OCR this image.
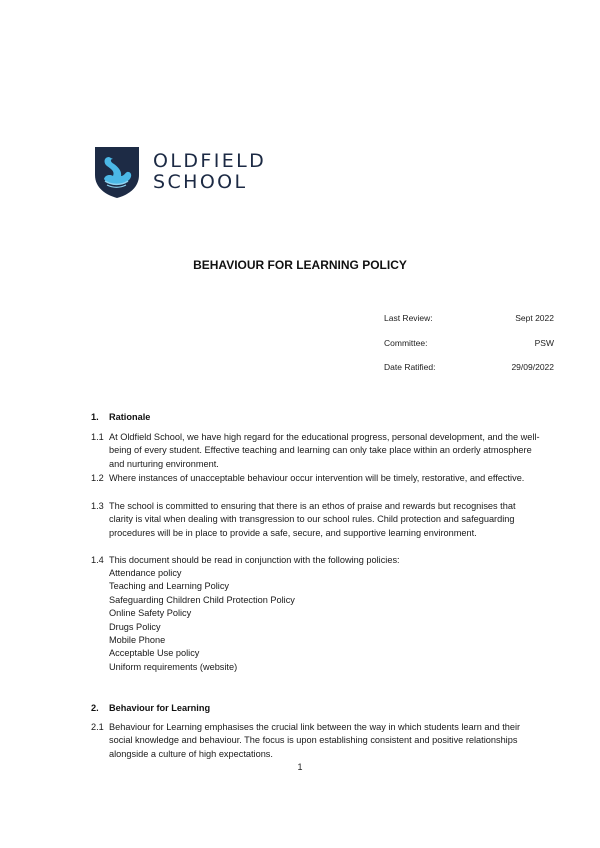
OLDFIELD
SCHOOL
BEHAVIOUR FOR LEARNING POLICY
Last Review:	Sept 2022
Committee:	PSW
Date Ratified:	29/09/2022
1. Rationale
1.1 At Oldfield School, we have high regard for the educational progress, personal development, and the well-being of every student. Effective teaching and learning can only take place within an orderly atmosphere and nurturing environment.
1.2 Where instances of unacceptable behaviour occur intervention will be timely, restorative, and effective.
1.3 The school is committed to ensuring that there is an ethos of praise and rewards but recognises that clarity is vital when dealing with transgression to our school rules. Child protection and safeguarding procedures will be in place to provide a safe, secure, and supportive learning environment.
1.4 This document should be read in conjunction with the following policies:
Attendance policy
Teaching and Learning Policy
Safeguarding Children Child Protection Policy
Online Safety Policy
Drugs Policy
Mobile Phone
Acceptable Use policy
Uniform requirements (website)
2. Behaviour for Learning
2.1 Behaviour for Learning emphasises the crucial link between the way in which students learn and their social knowledge and behaviour. The focus is upon establishing consistent and positive relationships alongside a culture of high expectations.
1
